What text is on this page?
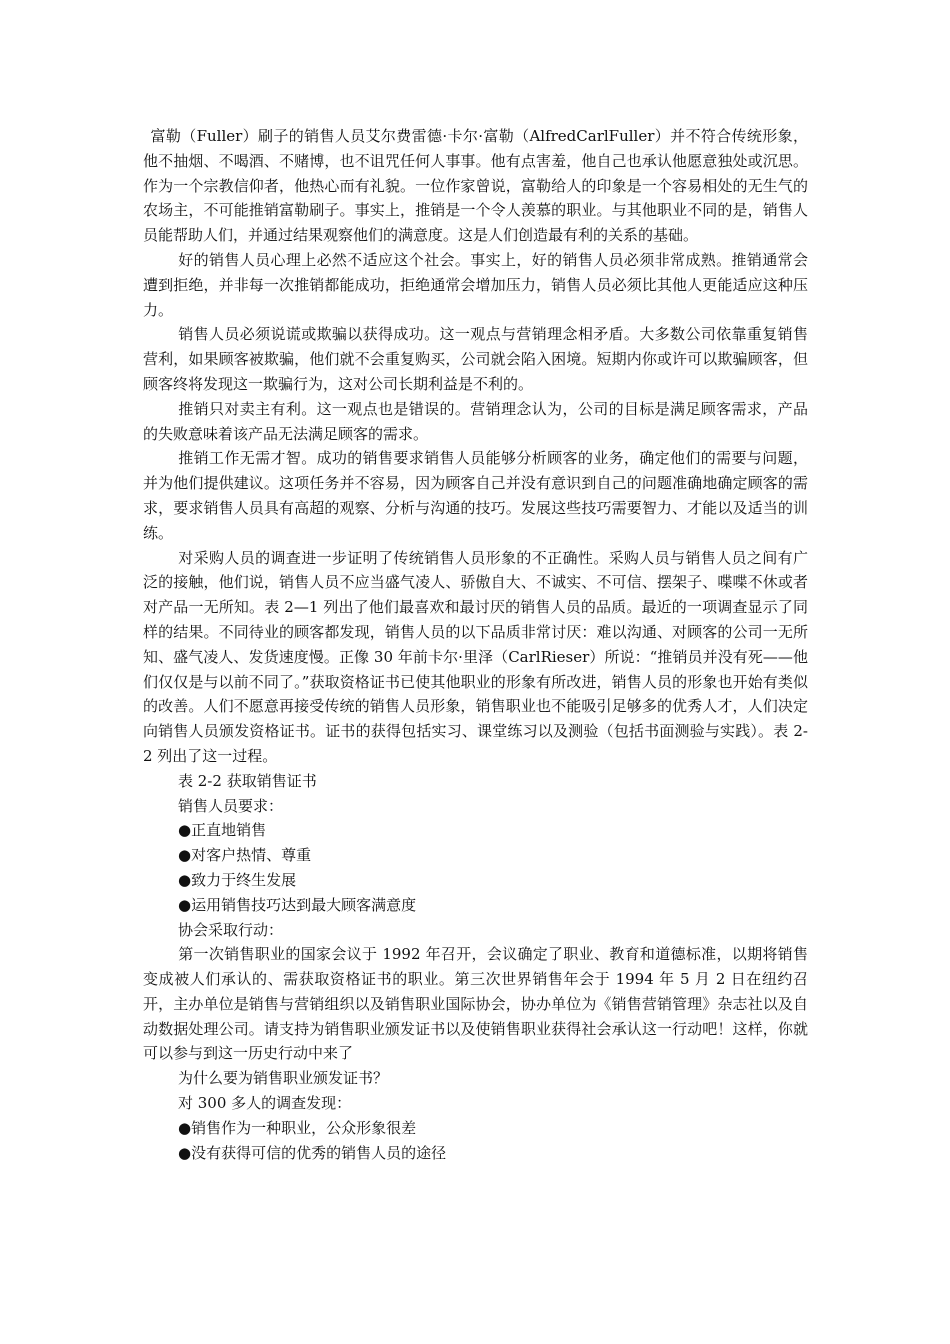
富勒（Fuller）刷子的销售人员艾尔费雷德·卡尔·富勒（AlfredCarlFuller）并不符合传统形象，他不抽烟、不喝酒、不赌博，也不诅咒任何人事事。他有点害羞，他自己也承认他愿意独处或沉思。作为一个宗教信仰者，他热心而有礼貌。一位作家曾说，富勒给人的印象是一个容易相处的无生气的农场主，不可能推销富勒刷子。事实上，推销是一个令人羡慕的职业。与其他职业不同的是，销售人员能帮助人们，并通过结果观察他们的满意度。这是人们创造最有利的关系的基础。

好的销售人员心理上必然不适应这个社会。事实上，好的销售人员必须非常成熟。推销通常会遭到拒绝，并非每一次推销都能成功，拒绝通常会增加压力，销售人员必须比其他人更能适应这种压力。

销售人员必须说谎或欺骗以获得成功。这一观点与营销理念相矛盾。大多数公司依靠重复销售营利，如果顾客被欺骗，他们就不会重复购买，公司就会陷入困境。短期内你或许可以欺骗顾客，但顾客终将发现这一欺骗行为，这对公司长期利益是不利的。

推销只对卖主有利。这一观点也是错误的。营销理念认为，公司的目标是满足顾客需求，产品的失败意味着该产品无法满足顾客的需求。

推销工作无需才智。成功的销售要求销售人员能够分析顾客的业务，确定他们的需要与问题，并为他们提供建议。这项任务并不容易，因为顾客自己并没有意识到自己的问题准确地确定顾客的需求，要求销售人员具有高超的观察、分析与沟通的技巧。发展这些技巧需要智力、才能以及适当的训练。

对采购人员的调查进一步证明了传统销售人员形象的不正确性。采购人员与销售人员之间有广泛的接触，他们说，销售人员不应当盛气凌人、骄傲自大、不诚实、不可信、摆架子、喋喋不休或者对产品一无所知。表 2—1 列出了他们最喜欢和最讨厌的销售人员的品质。最近的一项调查显示了同样的结果。不同待业的顾客都发现，销售人员的以下品质非常讨厌：难以沟通、对顾客的公司一无所知、盛气凌人、发货速度慢。正像 30 年前卡尔·里泽（CarlRieser）所说：“推销员并没有死——他们仅仅是与以前不同了。”获取资格证书已使其他职业的形象有所改进，销售人员的形象也开始有类似的改善。人们不愿意再接受传统的销售人员形象，销售职业也不能吸引足够多的优秀人才，人们决定向销售人员颁发资格证书。证书的获得包括实习、课堂练习以及测验（包括书面测验与实践）。表 2-2 列出了这一过程。

表 2-2 获取销售证书

销售人员要求：

●正直地销售

●对客户热情、尊重

●致力于终生发展

●运用销售技巧达到最大顾客满意度

协会采取行动：

第一次销售职业的国家会议于 1992 年召开，会议确定了职业、教育和道德标准，以期将销售变成被人们承认的、需获取资格证书的职业。第三次世界销售年会于 1994 年 5 月 2 日在纽约召开，主办单位是销售与营销组织以及销售职业国际协会，协办单位为《销售营销管理》杂志社以及自动数据处理公司。请支持为销售职业颁发证书以及使销售职业获得社会承认这一行动吧！这样，你就可以参与到这一历史行动中来了

为什么要为销售职业颁发证书？

对 300 多人的调查发现：

●销售作为一种职业，公众形象很差

●没有获得可信的优秀的销售人员的途径
